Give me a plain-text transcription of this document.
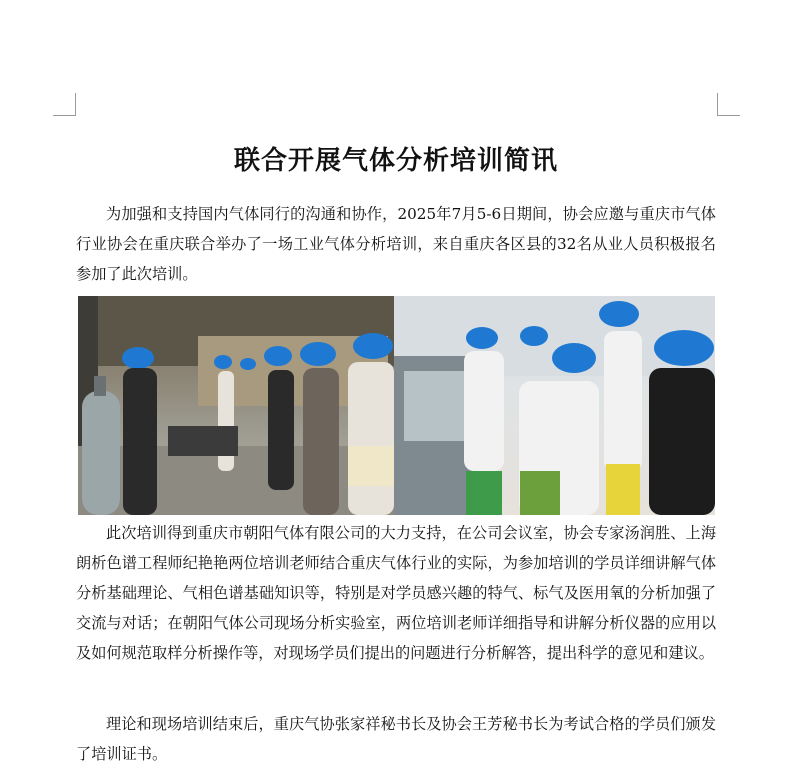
联合开展气体分析培训简讯
为加强和支持国内气体同行的沟通和协作，2025年7月5-6日期间，协会应邀与重庆市气体行业协会在重庆联合举办了一场工业气体分析培训，来自重庆各区县的32名从业人员积极报名参加了此次培训。
此次培训得到重庆市朝阳气体有限公司的大力支持，在公司会议室，协会专家汤润胜、上海朗析色谱工程师纪艳艳两位培训老师结合重庆气体行业的实际，为参加培训的学员详细讲解气体分析基础理论、气相色谱基础知识等，特别是对学员感兴趣的特气、标气及医用氧的分析加强了交流与对话；在朝阳气体公司现场分析实验室，两位培训老师详细指导和讲解分析仪器的应用以及如何规范取样分析操作等，对现场学员们提出的问题进行分析解答，提出科学的意见和建议。
理论和现场培训结束后，重庆气协张家祥秘书长及协会王芳秘书长为考试合格的学员们颁发了培训证书。
